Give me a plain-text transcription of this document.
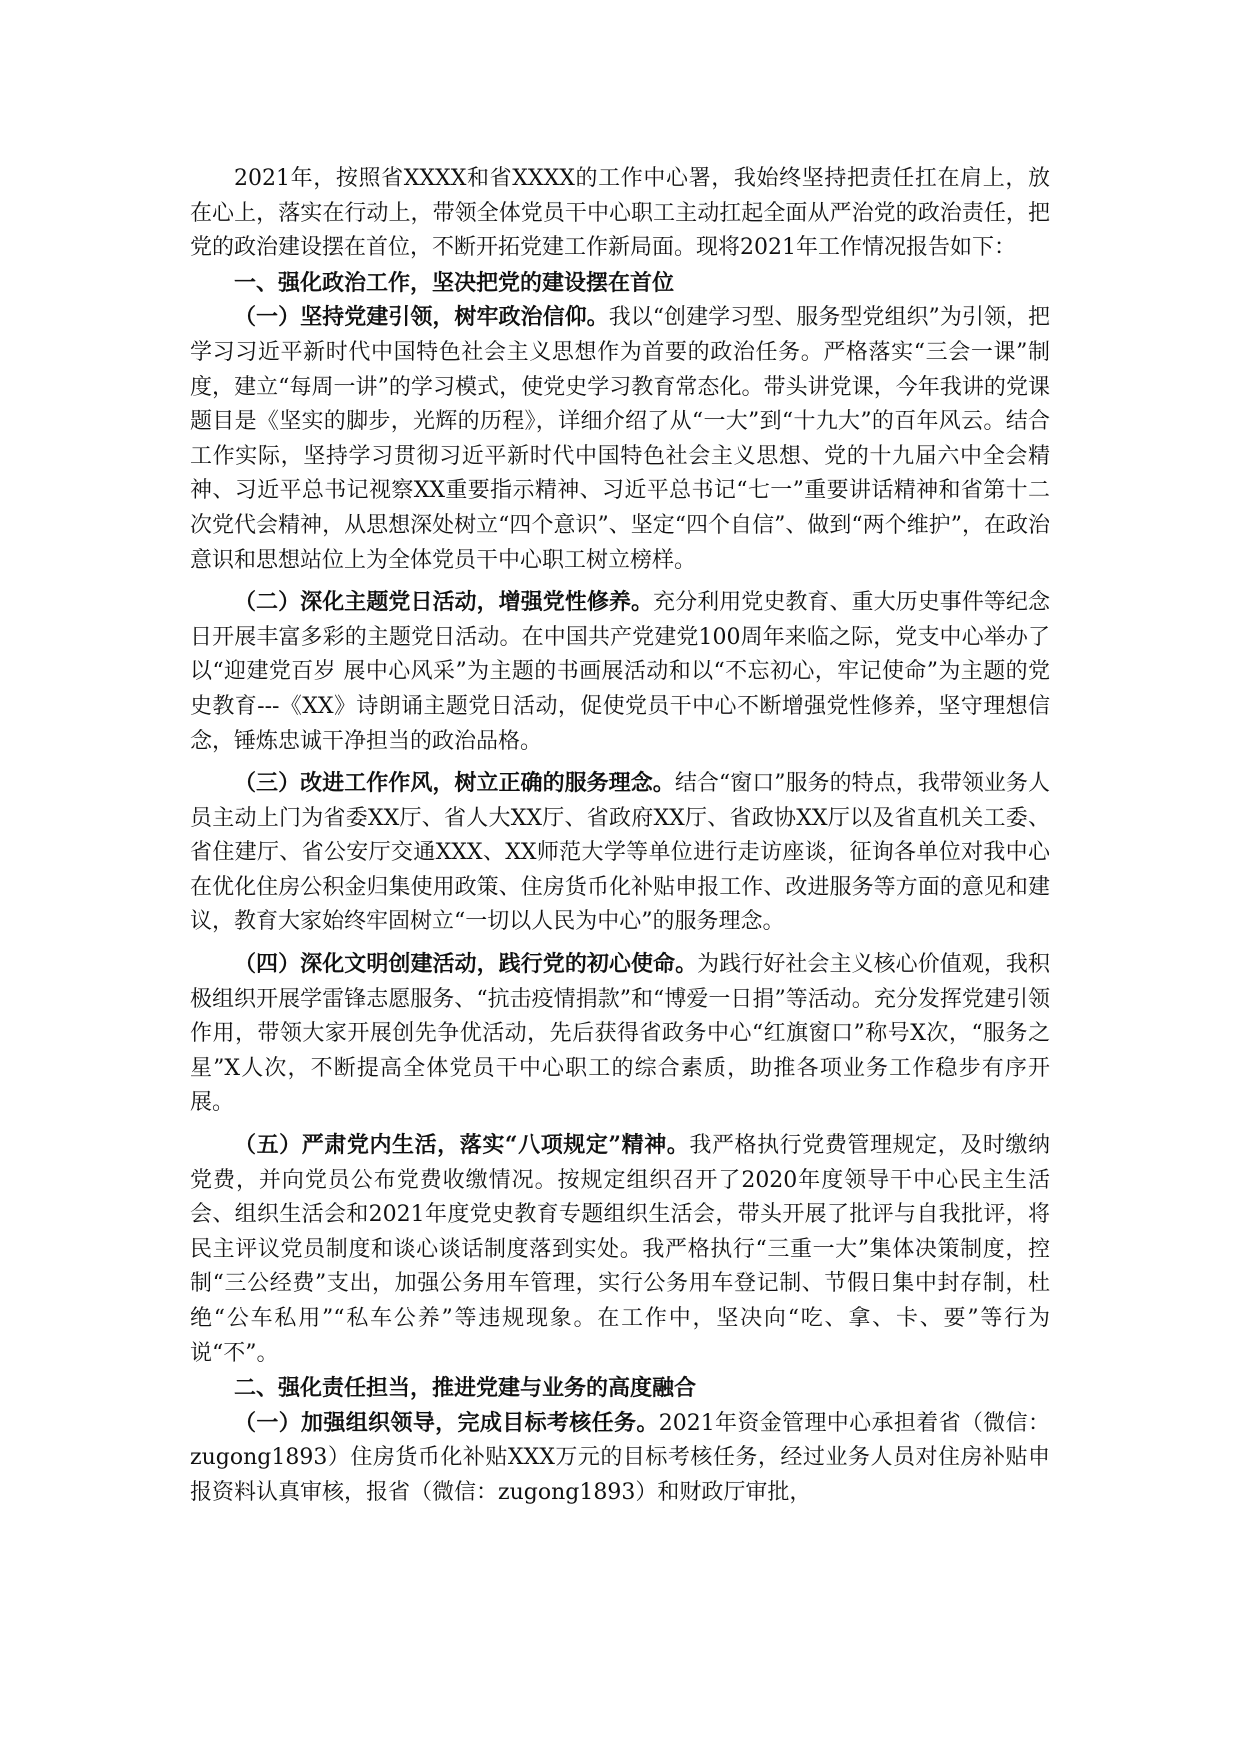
2021年，按照省XXXX和省XXXX的工作中心署，我始终坚持把责任扛在肩上，放在心上，落实在行动上，带领全体党员干中心职工主动扛起全面从严治党的政治责任，把党的政治建设摆在首位，不断开拓党建工作新局面。现将2021年工作情况报告如下：

一、强化政治工作，坚决把党的建设摆在首位

（一）坚持党建引领，树牢政治信仰。我以“创建学习型、服务型党组织”为引领，把学习习近平新时代中国特色社会主义思想作为首要的政治任务。严格落实“三会一课”制度，建立“每周一讲”的学习模式，使党史学习教育常态化。带头讲党课，今年我讲的党课题目是《坚实的脚步，光辉的历程》，详细介绍了从“一大”到“十九大”的百年风云。结合工作实际，坚持学习贯彻习近平新时代中国特色社会主义思想、党的十九届六中全会精神、习近平总书记视察XX重要指示精神、习近平总书记“七一”重要讲话精神和省第十二次党代会精神，从思想深处树立“四个意识”、坚定“四个自信”、做到“两个维护”，在政治意识和思想站位上为全体党员干中心职工树立榜样。

（二）深化主题党日活动，增强党性修养。充分利用党史教育、重大历史事件等纪念日开展丰富多彩的主题党日活动。在中国共产党建党100周年来临之际，党支中心举办了以“迎建党百岁 展中心风采”为主题的书画展活动和以“不忘初心，牢记使命”为主题的党史教育---《XX》诗朗诵主题党日活动，促使党员干中心不断增强党性修养，坚守理想信念，锤炼忠诚干净担当的政治品格。

（三）改进工作作风，树立正确的服务理念。结合“窗口”服务的特点，我带领业务人员主动上门为省委XX厅、省人大XX厅、省政府XX厅、省政协XX厅以及省直机关工委、省住建厅、省公安厅交通XXX、XX师范大学等单位进行走访座谈，征询各单位对我中心在优化住房公积金归集使用政策、住房货币化补贴申报工作、改进服务等方面的意见和建议，教育大家始终牢固树立“一切以人民为中心”的服务理念。

（四）深化文明创建活动，践行党的初心使命。为践行好社会主义核心价值观，我积极组织开展学雷锋志愿服务、“抗击疫情捐款”和“博爱一日捐”等活动。充分发挥党建引领作用，带领大家开展创先争优活动，先后获得省政务中心“红旗窗口”称号X次，“服务之星”X人次，不断提高全体党员干中心职工的综合素质，助推各项业务工作稳步有序开展。

（五）严肃党内生活，落实“八项规定”精神。我严格执行党费管理规定，及时缴纳党费，并向党员公布党费收缴情况。按规定组织召开了2020年度领导干中心民主生活会、组织生活会和2021年度党史教育专题组织生活会，带头开展了批评与自我批评，将民主评议党员制度和谈心谈话制度落到实处。我严格执行“三重一大”集体决策制度，控制“三公经费”支出，加强公务用车管理，实行公务用车登记制、节假日集中封存制，杜绝“公车私用”“私车公养”等违规现象。在工作中，坚决向“吃、拿、卡、要”等行为说“不”。

二、强化责任担当，推进党建与业务的高度融合

（一）加强组织领导，完成目标考核任务。2021年资金管理中心承担着省（微信：zugong1893）住房货币化补贴XXX万元的目标考核任务，经过业务人员对住房补贴申报资料认真审核，报省（微信：zugong1893）和财政厅审批，
